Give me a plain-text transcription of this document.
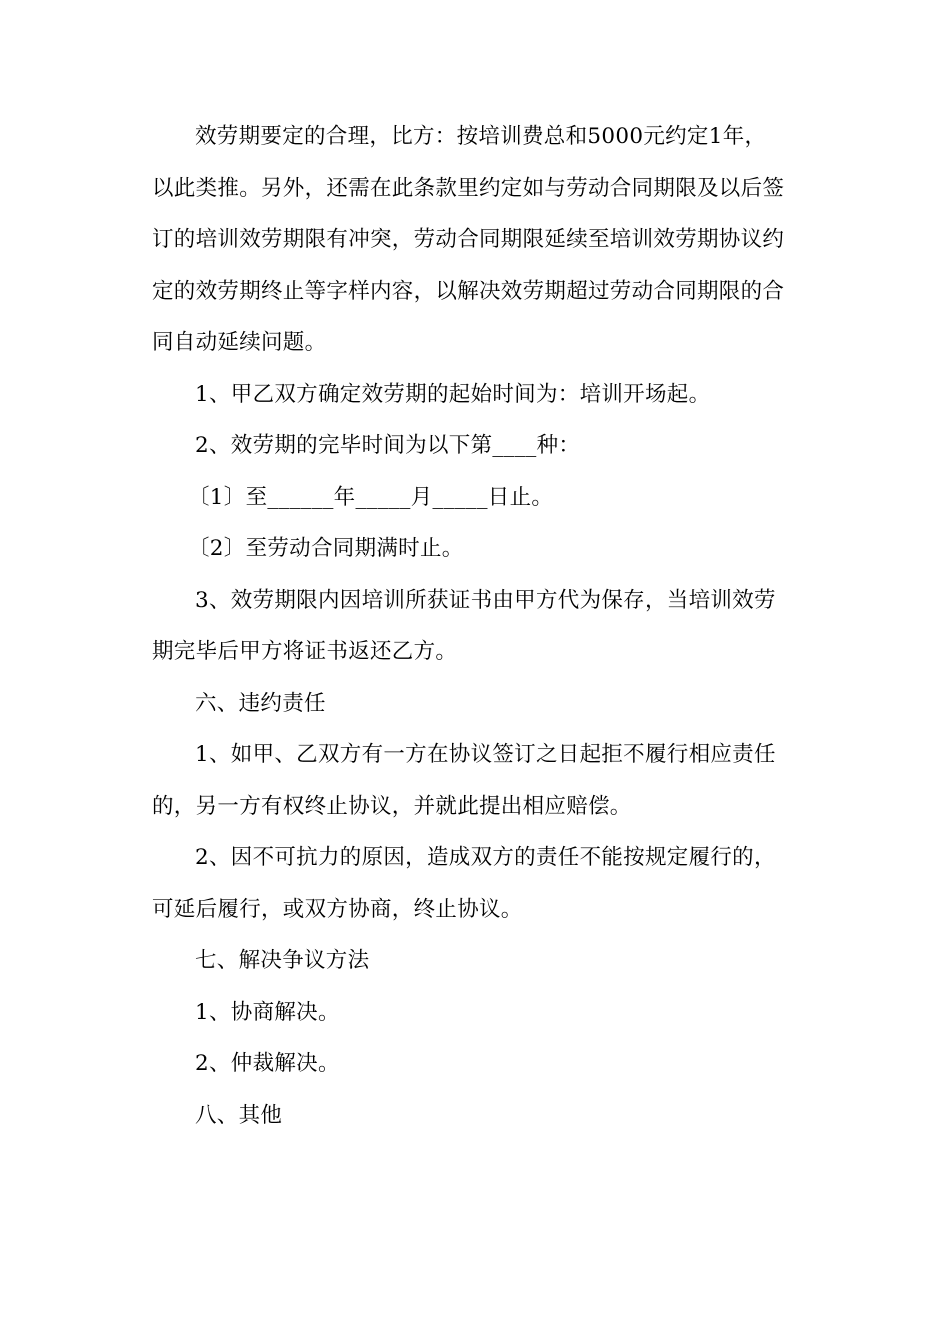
效劳期要定的合理，比方：按培训费总和5000元约定1年，
以此类推。另外，还需在此条款里约定如与劳动合同期限及以后签
订的培训效劳期限有冲突，劳动合同期限延续至培训效劳期协议约
定的效劳期终止等字样内容，以解决效劳期超过劳动合同期限的合
同自动延续问题。
1、甲乙双方确定效劳期的起始时间为：培训开场起。
2、效劳期的完毕时间为以下第____种：
〔1〕至______年_____月_____日止。
〔2〕至劳动合同期满时止。
3、效劳期限内因培训所获证书由甲方代为保存，当培训效劳
期完毕后甲方将证书返还乙方。
六、违约责任
1、如甲、乙双方有一方在协议签订之日起拒不履行相应责任
的，另一方有权终止协议，并就此提出相应赔偿。
2、因不可抗力的原因，造成双方的责任不能按规定履行的，
可延后履行，或双方协商，终止协议。
七、解决争议方法
1、协商解决。
2、仲裁解决。
八、其他
